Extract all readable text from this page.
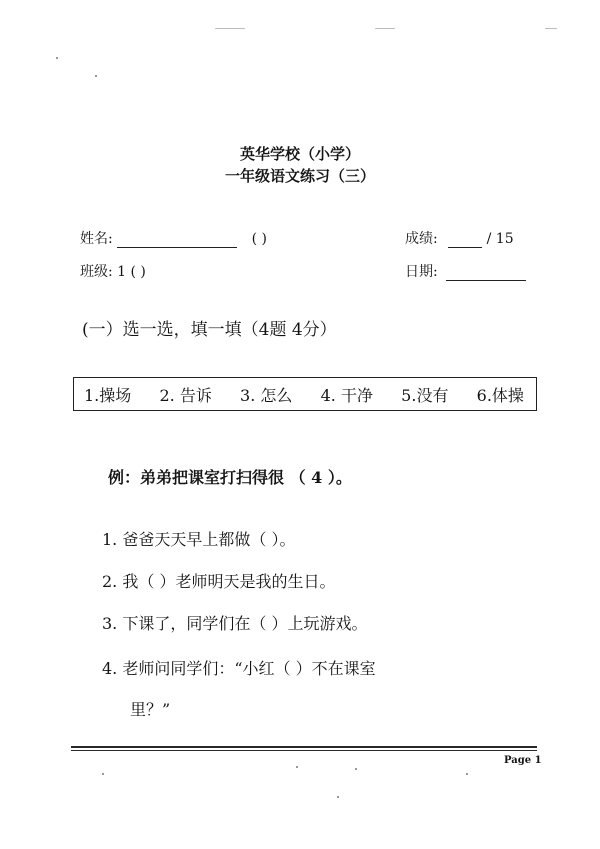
英华学校（小学）
一年级语文练习（三）
姓名:	( )	成绩:	/ 15
班级: 1 ( )	日期:
(一）选一选，填一填（4题 4分）
1.操场 2. 告诉 3. 怎么 4. 干净 5.没有 6.体操
例：弟弟把课室打扫得很 （ 4 ）。
1. 爸爸天天早上都做（ ）。
2. 我（ ）老师明天是我的生日。
3. 下课了，同学们在（ ）上玩游戏。
4. 老师问同学们：“小红（ ）不在课室
里？”
Page 1
